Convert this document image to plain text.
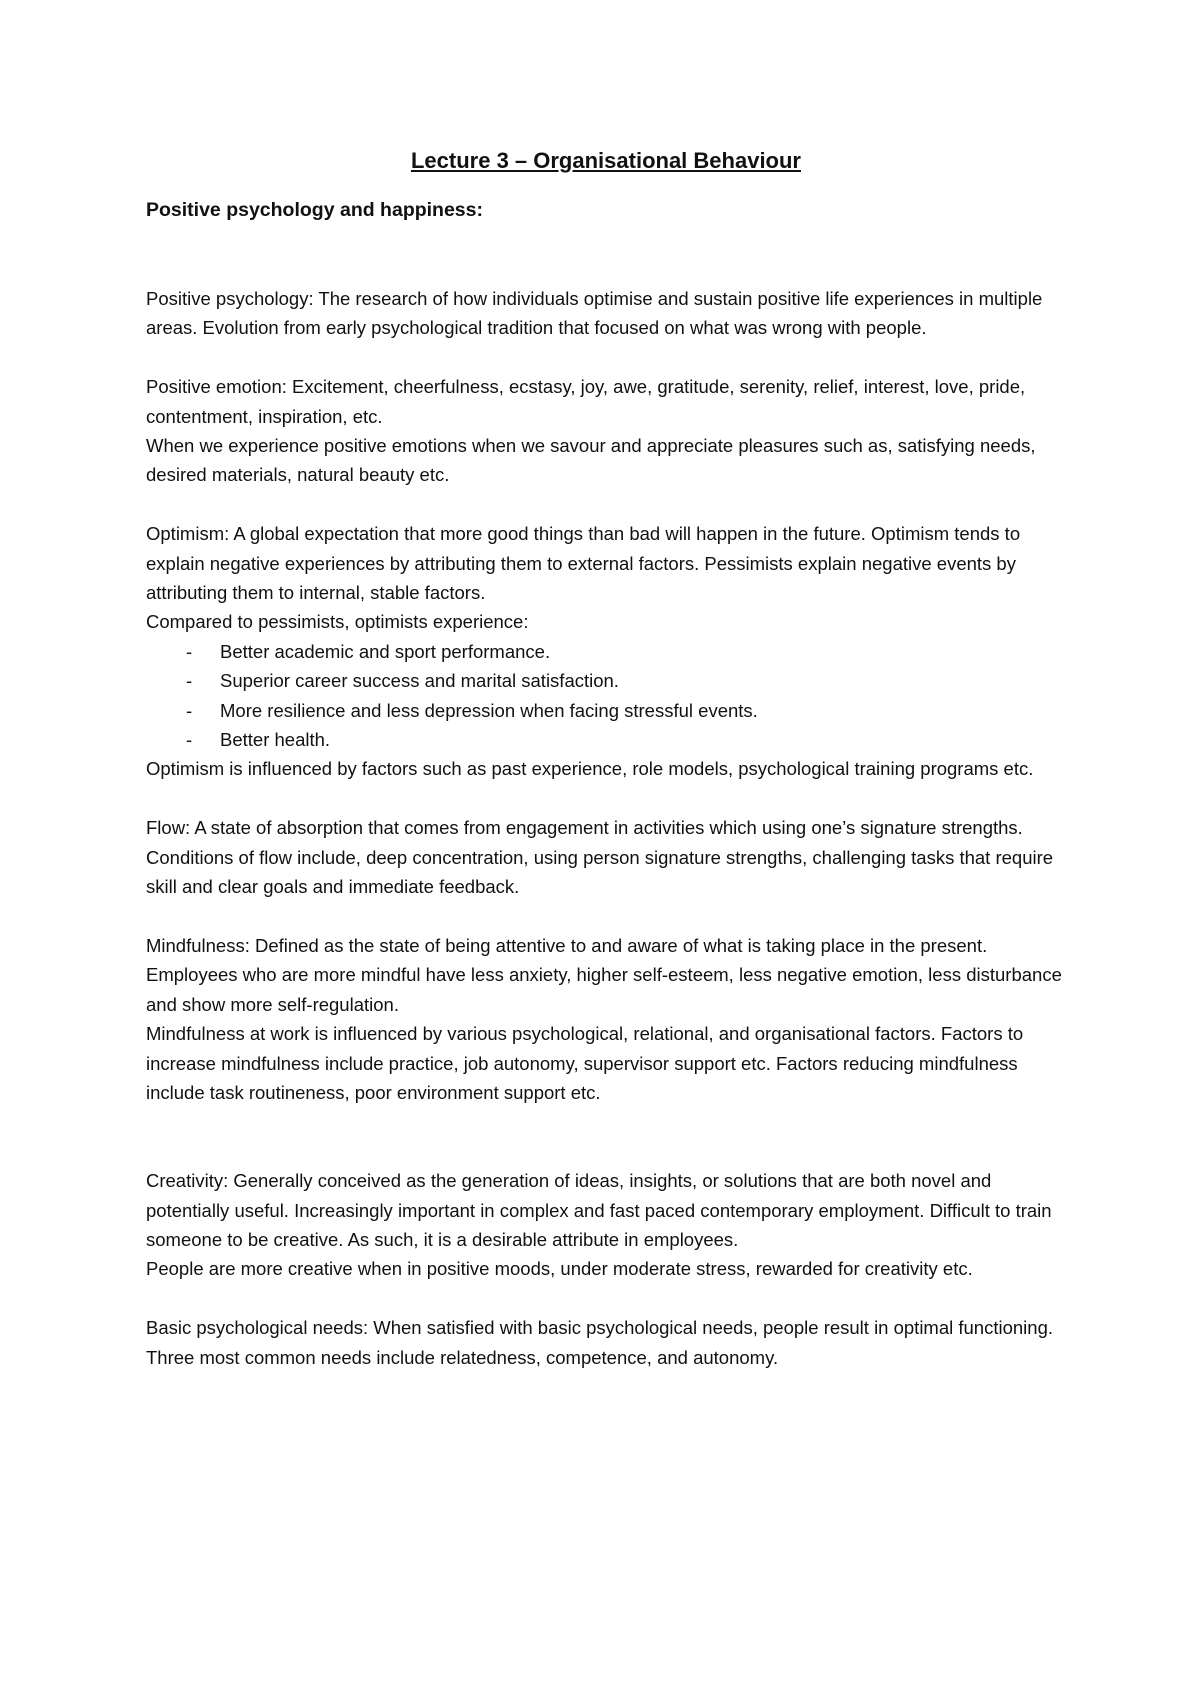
Lecture 3 – Organisational Behaviour
Positive psychology and happiness:

Positive psychology: The research of how individuals optimise and sustain positive life experiences in multiple areas. Evolution from early psychological tradition that focused on what was wrong with people.

Positive emotion: Excitement, cheerfulness, ecstasy, joy, awe, gratitude, serenity, relief, interest, love, pride, contentment, inspiration, etc.

When we experience positive emotions when we savour and appreciate pleasures such as, satisfying needs, desired materials, natural beauty etc.

Optimism: A global expectation that more good things than bad will happen in the future. Optimism tends to explain negative experiences by attributing them to external factors. Pessimists explain negative events by attributing them to internal, stable factors.

Compared to pessimists, optimists experience:

- Better academic and sport performance.
- Superior career success and marital satisfaction.
- More resilience and less depression when facing stressful events.
- Better health.

Optimism is influenced by factors such as past experience, role models, psychological training programs etc.

Flow: A state of absorption that comes from engagement in activities which using one’s signature strengths. Conditions of flow include, deep concentration, using person signature strengths, challenging tasks that require skill and clear goals and immediate feedback.

Mindfulness: Defined as the state of being attentive to and aware of what is taking place in the present. Employees who are more mindful have less anxiety, higher self-esteem, less negative emotion, less disturbance and show more self-regulation.

Mindfulness at work is influenced by various psychological, relational, and organisational factors. Factors to increase mindfulness include practice, job autonomy, supervisor support etc. Factors reducing mindfulness include task routineness, poor environment support etc.

Creativity: Generally conceived as the generation of ideas, insights, or solutions that are both novel and potentially useful. Increasingly important in complex and fast paced contemporary employment. Difficult to train someone to be creative. As such, it is a desirable attribute in employees.

People are more creative when in positive moods, under moderate stress, rewarded for creativity etc.

Basic psychological needs: When satisfied with basic psychological needs, people result in optimal functioning. Three most common needs include relatedness, competence, and autonomy.
